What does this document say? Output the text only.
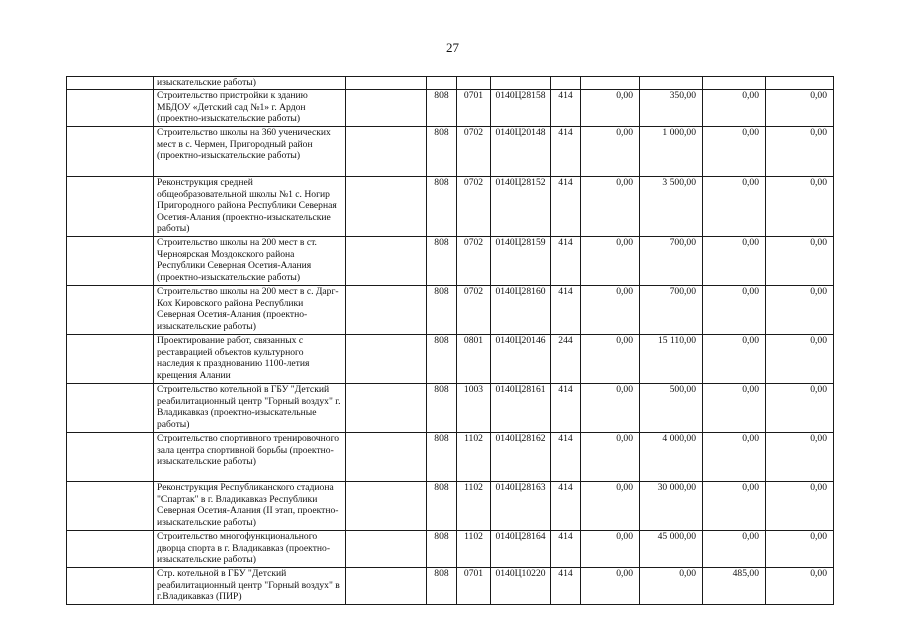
27
	изыскательские работы)									
	Строительство пристройки к зданию МБДОУ «Детский сад №1» г. Ардон (проектно-изыскательские работы)		808	0701	0140Ц28158	414	0,00	350,00	0,00	0,00
	Строительство школы на 360 ученических мест в с. Чермен, Пригородный район (проектно-изыскательские работы)		808	0702	0140Ц20148	414	0,00	1 000,00	0,00	0,00
	Реконструкция средней общеобразовательной школы №1 с. Ногир Пригородного района Республики Северная Осетия-Алания (проектно-изыскательские работы)		808	0702	0140Ц28152	414	0,00	3 500,00	0,00	0,00
	Строительство школы на 200 мест в ст. Черноярская Моздокского района Республики Северная Осетия-Алания (проектно-изыскательские работы)		808	0702	0140Ц28159	414	0,00	700,00	0,00	0,00
	Строительство школы на 200 мест в с. Дарг-Кох Кировского района Республики Северная Осетия-Алания (проектно-изыскательские работы)		808	0702	0140Ц28160	414	0,00	700,00	0,00	0,00
	Проектирование работ, связанных с реставрацией объектов культурного наследия к празднованию 1100-летия крещения Алании		808	0801	0140Ц20146	244	0,00	15 110,00	0,00	0,00
	Строительство котельной в ГБУ "Детский реабилитационный центр "Горный воздух" г. Владикавказ (проектно-изыскательные работы)		808	1003	0140Ц28161	414	0,00	500,00	0,00	0,00
	Строительство спортивного тренировочного зала центра спортивной борьбы (проектно-изыскательские работы)		808	1102	0140Ц28162	414	0,00	4 000,00	0,00	0,00
	Реконструкция Республиканского стадиона "Спартак" в г. Владикавказ Республики Северная Осетия-Алания (II этап, проектно-изыскательские работы)		808	1102	0140Ц28163	414	0,00	30 000,00	0,00	0,00
	Строительство многофункционального дворца спорта в г. Владикавказ (проектно-изыскательские работы)		808	1102	0140Ц28164	414	0,00	45 000,00	0,00	0,00
	Стр. котельной в ГБУ "Детский реабилитационный центр "Горный воздух" в г.Владикавказ (ПИР)		808	0701	0140Ц10220	414	0,00	0,00	485,00	0,00
